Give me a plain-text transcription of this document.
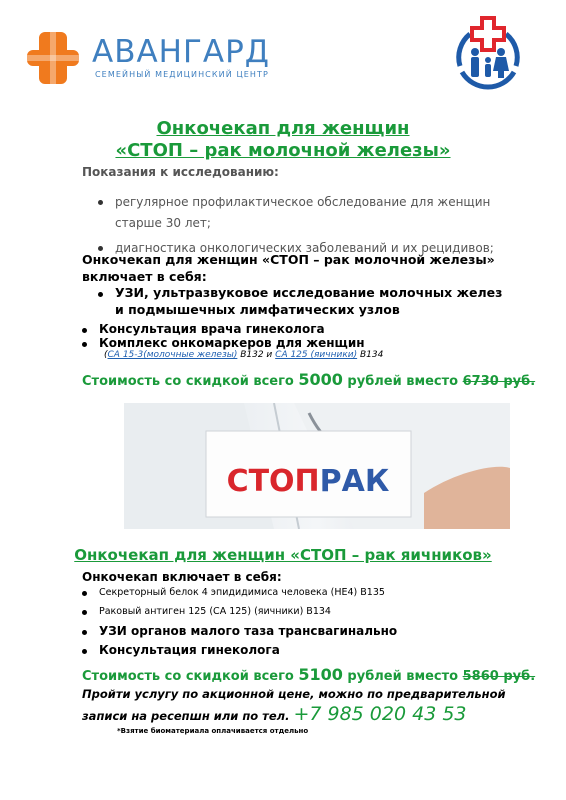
АВАНГАРД
СЕМЕЙНЫЙ МЕДИЦИНСКИЙ ЦЕНТР
Онкочекап для женщин
«СТОП – рак молочной железы»
Показания к исследованию:
регулярное профилактическое обследование для женщин старше 30 лет;
диагностика онкологических заболеваний и их рецидивов;
Онкочекап для женщин «СТОП – рак молочной железы» включает в себя:
УЗИ, ультразвуковое исследование молочных желез и подмышечных лимфатических узлов
Консультация врача гинеколога
Комплекс онкомаркеров для женщин
(СА 15-3(молочные железы) В132 и СА 125 (яичники) В134
Стоимость со скидкой всего 5000 рублей вместо 6730 руб.
СТОПРАК
Онкочекап для женщин «СТОП – рак яичников»
Онкочекап включает в себя:
Секреторный белок 4 эпидидимиса человека (НЕ4) В135
Раковый антиген 125 (СА 125) (яичники) В134
УЗИ органов малого таза трансвагинально
Консультация гинеколога
Стоимость со скидкой всего 5100 рублей вместо 5860 руб.
Пройти услугу по акционной цене, можно по предварительной записи на ресепшн или по тел. +7 985 020 43 53
*Взятие биоматериала оплачивается отдельно
